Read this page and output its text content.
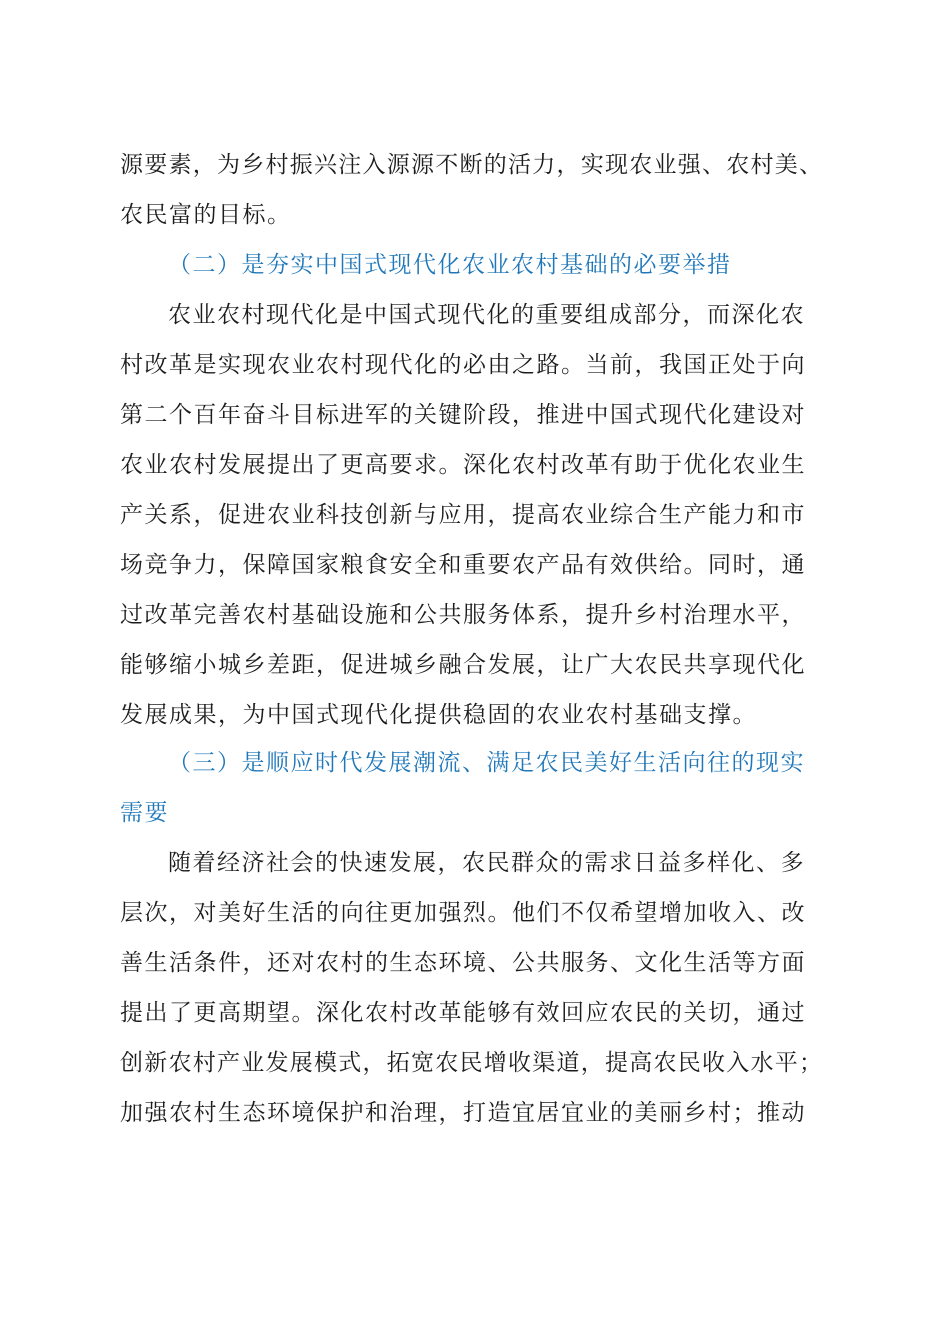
源要素，为乡村振兴注入源源不断的活力，实现农业强、农村美、
农民富的目标。
（二）是夯实中国式现代化农业农村基础的必要举措
农业农村现代化是中国式现代化的重要组成部分，而深化农
村改革是实现农业农村现代化的必由之路。当前，我国正处于向
第二个百年奋斗目标进军的关键阶段，推进中国式现代化建设对
农业农村发展提出了更高要求。深化农村改革有助于优化农业生
产关系，促进农业科技创新与应用，提高农业综合生产能力和市
场竞争力，保障国家粮食安全和重要农产品有效供给。同时，通
过改革完善农村基础设施和公共服务体系，提升乡村治理水平，
能够缩小城乡差距，促进城乡融合发展，让广大农民共享现代化
发展成果，为中国式现代化提供稳固的农业农村基础支撑。
（三）是顺应时代发展潮流、满足农民美好生活向往的现实
需要
随着经济社会的快速发展，农民群众的需求日益多样化、多
层次，对美好生活的向往更加强烈。他们不仅希望增加收入、改
善生活条件，还对农村的生态环境、公共服务、文化生活等方面
提出了更高期望。深化农村改革能够有效回应农民的关切，通过
创新农村产业发展模式，拓宽农民增收渠道，提高农民收入水平；
加强农村生态环境保护和治理，打造宜居宜业的美丽乡村；推动
